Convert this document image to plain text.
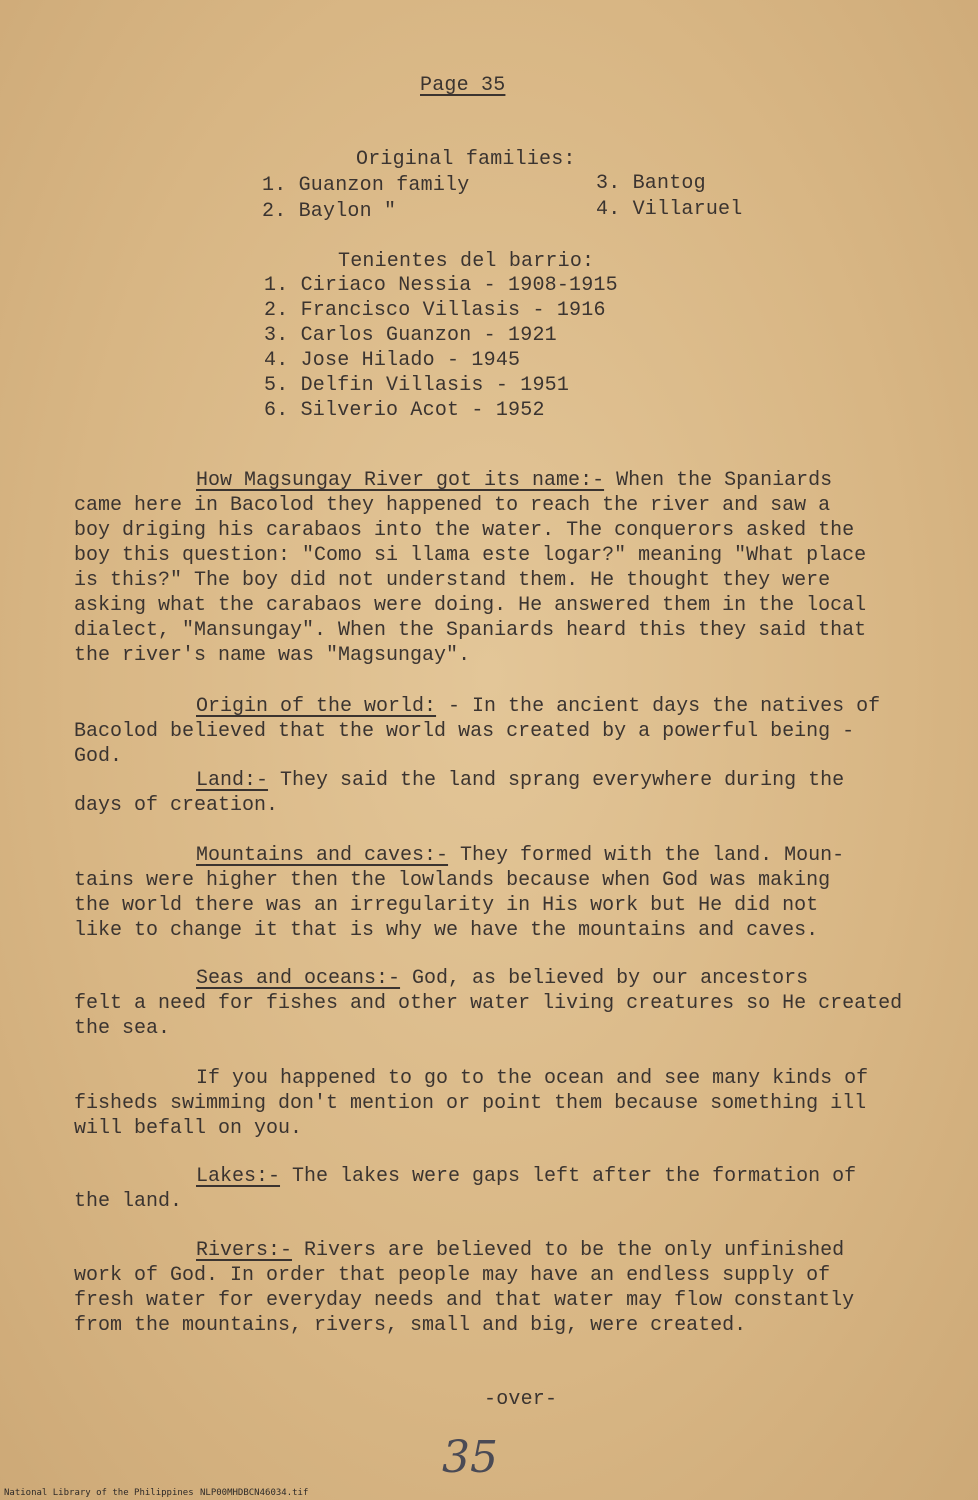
Page 35
Original families:
1. Guanzon family
2. Baylon "
3. Bantog
4. Villaruel
Tenientes del barrio:
1. Ciriaco Nessia - 1908-1915
2. Francisco Villasis - 1916
3. Carlos Guanzon - 1921
4. Jose Hilado - 1945
5. Delfin Villasis - 1951
6. Silverio Acot - 1952
How Magsungay River got its name:- When the Spaniards
came here in Bacolod they happened to reach the river and saw a
boy driging his carabaos into the water. The conquerors asked the
boy this question: "Como si llama este logar?" meaning "What place
is this?" The boy did not understand them. He thought they were
asking what the carabaos were doing. He answered them in the local
dialect, "Mansungay". When the Spaniards heard this they said that
the river's name was "Magsungay".
Origin of the world: - In the ancient days the natives of
Bacolod believed that the world was created by a powerful being -
God.
Land:- They said the land sprang everywhere during the
days of creation.
Mountains and caves:- They formed with the land. Moun-
tains were higher then the lowlands because when God was making
the world there was an irregularity in His work but He did not
like to change it that is why we have the mountains and caves.
Seas and oceans:- God, as believed by our ancestors
felt a need for fishes and other water living creatures so He created
the sea.
If you happened to go to the ocean and see many kinds of
fisheds swimming don't mention or point them because something ill
will befall on you.
Lakes:- The lakes were gaps left after the formation of
the land.
Rivers:- Rivers are believed to be the only unfinished
work of God. In order that people may have an endless supply of
fresh water for everyday needs and that water may flow constantly
from the mountains, rivers, small and big, were created.
-over-
35
National Library of the Philippines NLP00MHDBCN46034.tif
